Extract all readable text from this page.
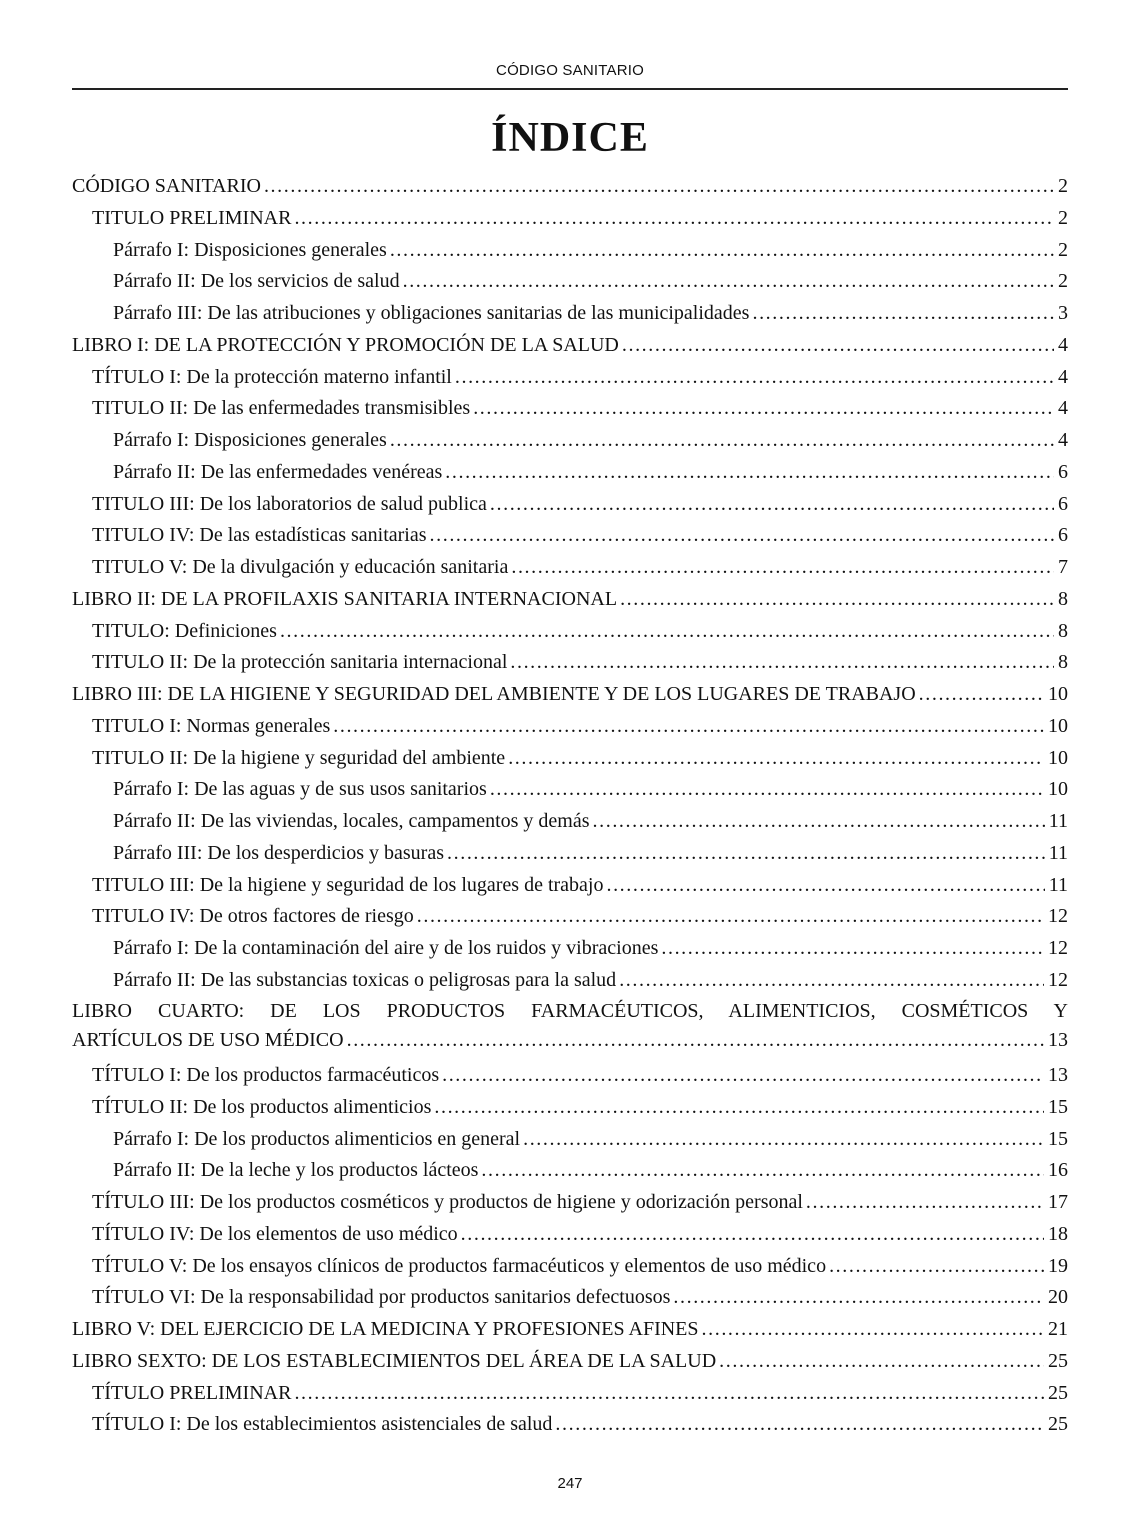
CÓDIGO SANITARIO
ÍNDICE
CÓDIGO SANITARIO .....	2
TITULO PRELIMINAR .....	2
Párrafo I: Disposiciones generales .....	2
Párrafo II: De los servicios de salud .....	2
Párrafo III: De las atribuciones y obligaciones sanitarias de las municipalidades .....	3
LIBRO I: DE LA PROTECCIÓN Y PROMOCIÓN DE LA SALUD .....	4
TÍTULO I: De la protección materno infantil .....	4
TITULO II: De las enfermedades transmisibles .....	4
Párrafo I: Disposiciones generales .....	4
Párrafo II: De las enfermedades venéreas .....	6
TITULO III: De los laboratorios de salud publica .....	6
TITULO IV: De las estadísticas sanitarias .....	6
TITULO V: De la divulgación y educación sanitaria .....	7
LIBRO II: DE LA PROFILAXIS SANITARIA INTERNACIONAL .....	8
TITULO: Definiciones .....	8
TITULO II: De la protección sanitaria internacional .....	8
LIBRO III: DE LA HIGIENE Y SEGURIDAD DEL AMBIENTE Y DE LOS LUGARES DE TRABAJO .....	10
TITULO I: Normas generales .....	10
TITULO II: De la higiene y seguridad del ambiente .....	10
Párrafo I: De las aguas y de sus usos sanitarios .....	10
Párrafo II: De las viviendas, locales, campamentos y demás .....	11
Párrafo III: De los desperdicios y basuras .....	11
TITULO III: De la higiene y seguridad de los lugares de trabajo .....	11
TITULO IV: De otros factores de riesgo .....	12
Párrafo I: De la contaminación del aire y de los ruidos y vibraciones .....	12
Párrafo II: De las substancias toxicas o peligrosas para la salud .....	12
LIBRO CUARTO: DE LOS PRODUCTOS FARMACÉUTICOS, ALIMENTICIOS, COSMÉTICOS Y
ARTÍCULOS DE USO MÉDICO .....	13
TÍTULO I: De los productos farmacéuticos .....	13
TÍTULO II: De los productos alimenticios .....	15
Párrafo I: De los productos alimenticios en general .....	15
Párrafo II: De la leche y los productos lácteos .....	16
TÍTULO III: De los productos cosméticos y productos de higiene y odorización personal .....	17
TÍTULO IV: De los elementos de uso médico .....	18
TÍTULO V: De los ensayos clínicos de productos farmacéuticos y elementos de uso médico .....	19
TÍTULO VI: De la responsabilidad por productos sanitarios defectuosos .....	20
LIBRO V: DEL EJERCICIO DE LA MEDICINA Y PROFESIONES AFINES .....	21
LIBRO SEXTO: DE LOS ESTABLECIMIENTOS DEL ÁREA DE LA SALUD .....	25
TÍTULO PRELIMINAR .....	25
TÍTULO I: De los establecimientos asistenciales de salud .....	25
247
